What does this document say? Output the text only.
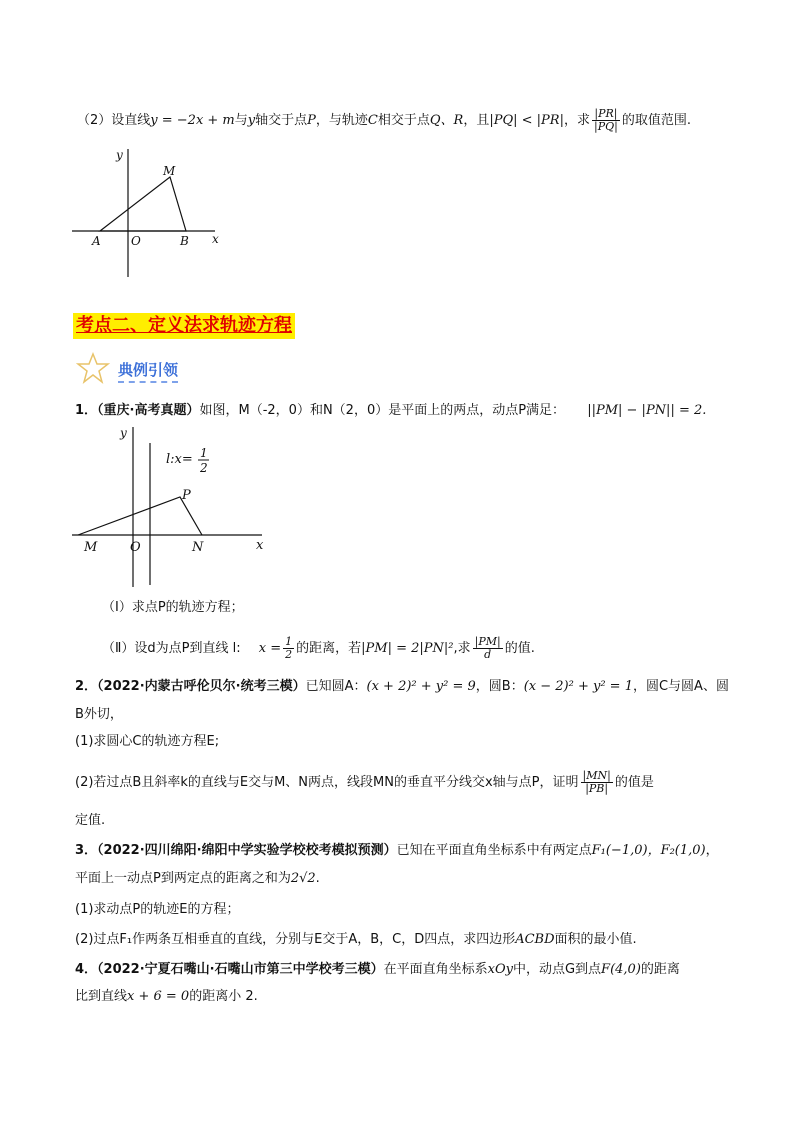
（2）设直线y = −2x + m与y轴交于点P，与轨迹C相交于点Q、R，且|PQ| < |PR|，求 $\frac{|PR|}{|PQ|}$ 的取值范围.
y
M
A	O	B x
考点二、定义法求轨迹方程
典例引领
1．（重庆·高考真题）如图，M（-2，0）和N（2，0）是平面上的两点，动点P满足： ||PM| − |PN|| = 2.
y
l:x= 1
2
P
M	O	N	x
（Ⅰ）求点P的轨迹方程；
（Ⅱ）设d为点P到直线 l: $x = \frac{1}{2}$ 的距离，若|PM| = 2|PN|²,求 $\frac{|PM|}{d}$ 的值.
2．（2022·内蒙古呼伦贝尔·统考三模）已知圆A：(x + 2)² + y² = 9，圆B：(x − 2)² + y² = 1，圆C与圆A、圆
B外切，
(1)求圆心C的轨迹方程E;
(2)若过点B且斜率k的直线与E交与M、N两点，线段MN的垂直平分线交x轴与点P，证明 $\frac{|MN|}{|PB|}$ 的值是
定值.
3．（2022·四川绵阳·绵阳中学实验学校校考模拟预测）已知在平面直角坐标系中有两定点F₁(−1,0)，F₂(1,0)，
平面上一动点P到两定点的距离之和为2√2.
(1)求动点P的轨迹E的方程；
(2)过点F₁作两条互相垂直的直线，分别与E交于A，B，C，D四点，求四边形ACBD面积的最小值.
4．（2022·宁夏石嘴山·石嘴山市第三中学校考三模）在平面直角坐标系xOy中，动点G到点F(4,0)的距离
比到直线x + 6 = 0的距离小 2.
